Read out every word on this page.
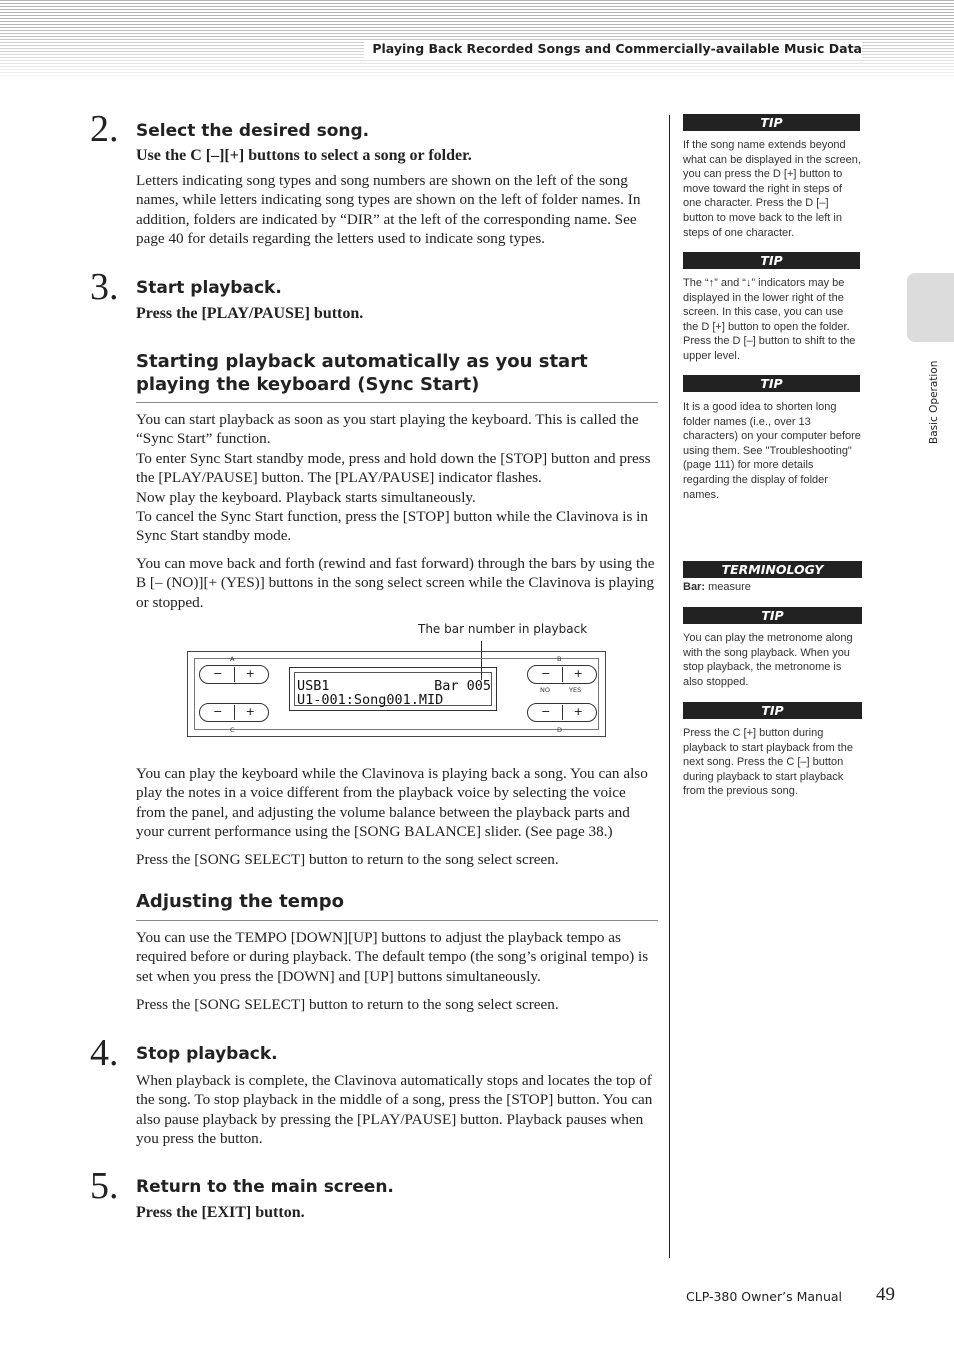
Playing Back Recorded Songs and Commercially-available Music Data
Basic Operation
2. Select the desired song.
Use the C [–][+] buttons to select a song or folder.

Letters indicating song types and song numbers are shown on the left of the song names, while letters indicating song types are shown on the left of folder names. In addition, folders are indicated by “DIR” at the left of the corresponding name. See page 40 for details regarding the letters used to indicate song types.

3. Start playback.
Press the [PLAY/PAUSE] button.
Starting playback automatically as you start playing the keyboard (Sync Start)
You can start playback as soon as you start playing the keyboard. This is called the “Sync Start” function.
To enter Sync Start standby mode, press and hold down the [STOP] button and press the [PLAY/PAUSE] button. The [PLAY/PAUSE] indicator flashes.
Now play the keyboard. Playback starts simultaneously.
To cancel the Sync Start function, press the [STOP] button while the Clavinova is in Sync Start standby mode.

You can move back and forth (rewind and fast forward) through the bars by using the B [– (NO)][+ (YES)] buttons in the song select screen while the Clavinova is playing or stopped.

The bar number in playback
A
−	+
−	+
C
USB1	Bar 005
U1-001:Song001.MID
B
−	+
NO	YES
−	+
D

You can play the keyboard while the Clavinova is playing back a song. You can also play the notes in a voice different from the playback voice by selecting the voice from the panel, and adjusting the volume balance between the playback parts and your current performance using the [SONG BALANCE] slider. (See page 38.)

Press the [SONG SELECT] button to return to the song select screen.

Adjusting the tempo

You can use the TEMPO [DOWN][UP] buttons to adjust the playback tempo as required before or during playback. The default tempo (the song’s original tempo) is set when you press the [DOWN] and [UP] buttons simultaneously.

Press the [SONG SELECT] button to return to the song select screen.

4. Stop playback.

When playback is complete, the Clavinova automatically stops and locates the top of the song. To stop playback in the middle of a song, press the [STOP] button. You can also pause playback by pressing the [PLAY/PAUSE] button. Playback pauses when you press the button.

5. Return to the main screen.
Press the [EXIT] button.
TIP

If the song name extends beyond what can be displayed in the screen, you can press the D [+] button to move toward the right in steps of one character. Press the D [–] button to move back to the left in steps of one character.

TIP

The “↑” and “↓” indicators may be displayed in the lower right of the screen. In this case, you can use the D [+] button to open the folder. Press the D [–] button to shift to the upper level.

TIP

It is a good idea to shorten long folder names (i.e., over 13 characters) on your computer before using them. See "Troubleshooting" (page 111) for more details regarding the display of folder names.

TERMINOLOGY

Bar: measure

TIP

You can play the metronome along with the song playback. When you stop playback, the metronome is also stopped.

TIP

Press the C [+] button during playback to start playback from the next song. Press the C [–] button during playback to start playback from the previous song.

CLP-380 Owner’s Manual 49
